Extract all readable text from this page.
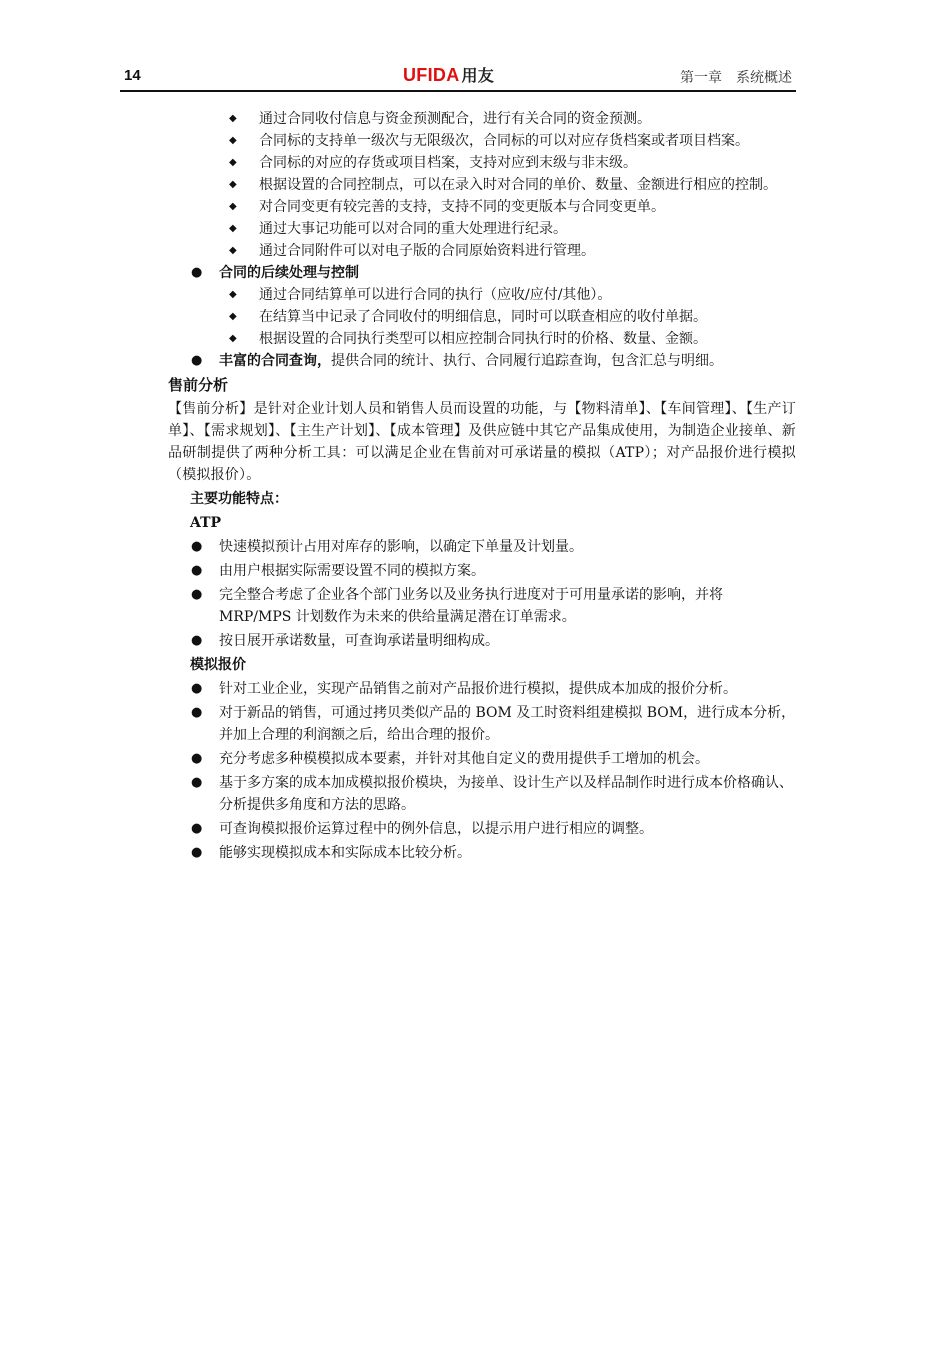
14	UFIDA 用友	第一章 系统概述
◆ 通过合同收付信息与资金预测配合，进行有关合同的资金预测。
◆ 合同标的支持单一级次与无限级次，合同标的可以对应存货档案或者项目档案。
◆ 合同标的对应的存货或项目档案，支持对应到末级与非末级。
◆ 根据设置的合同控制点，可以在录入时对合同的单价、数量、金额进行相应的控制。
◆ 对合同变更有较完善的支持，支持不同的变更版本与合同变更单。
◆ 通过大事记功能可以对合同的重大处理进行纪录。
◆ 通过合同附件可以对电子版的合同原始资料进行管理。
● 合同的后续处理与控制
◆ 通过合同结算单可以进行合同的执行（应收/应付/其他）。
◆ 在结算当中记录了合同收付的明细信息，同时可以联查相应的收付单据。
◆ 根据设置的合同执行类型可以相应控制合同执行时的价格、数量、金额。
● 丰富的合同查询，提供合同的统计、执行、合同履行追踪查询，包含汇总与明细。
售前分析
【售前分析】是针对企业计划人员和销售人员而设置的功能，与【物料清单】、【车间管理】、【生产订单】、【需求规划】、【主生产计划】、【成本管理】及供应链中其它产品集成使用，为制造企业接单、新品研制提供了两种分析工具：可以满足企业在售前对可承诺量的模拟（ATP）；对产品报价进行模拟（模拟报价）。
主要功能特点：
ATP
● 快速模拟预计占用对库存的影响，以确定下单量及计划量。
● 由用户根据实际需要设置不同的模拟方案。
● 完全整合考虑了企业各个部门业务以及业务执行进度对于可用量承诺的影响，并将 MRP/MPS 计划数作为未来的供给量满足潜在订单需求。
● 按日展开承诺数量，可查询承诺量明细构成。
模拟报价
● 针对工业企业，实现产品销售之前对产品报价进行模拟，提供成本加成的报价分析。
● 对于新品的销售，可通过拷贝类似产品的 BOM 及工时资料组建模拟 BOM，进行成本分析，并加上合理的利润额之后，给出合理的报价。
● 充分考虑多种模模拟成本要素，并针对其他自定义的费用提供手工增加的机会。
● 基于多方案的成本加成模拟报价模块，为接单、设计生产以及样品制作时进行成本价格确认、分析提供多角度和方法的思路。
● 可查询模拟报价运算过程中的例外信息，以提示用户进行相应的调整。
● 能够实现模拟成本和实际成本比较分析。
